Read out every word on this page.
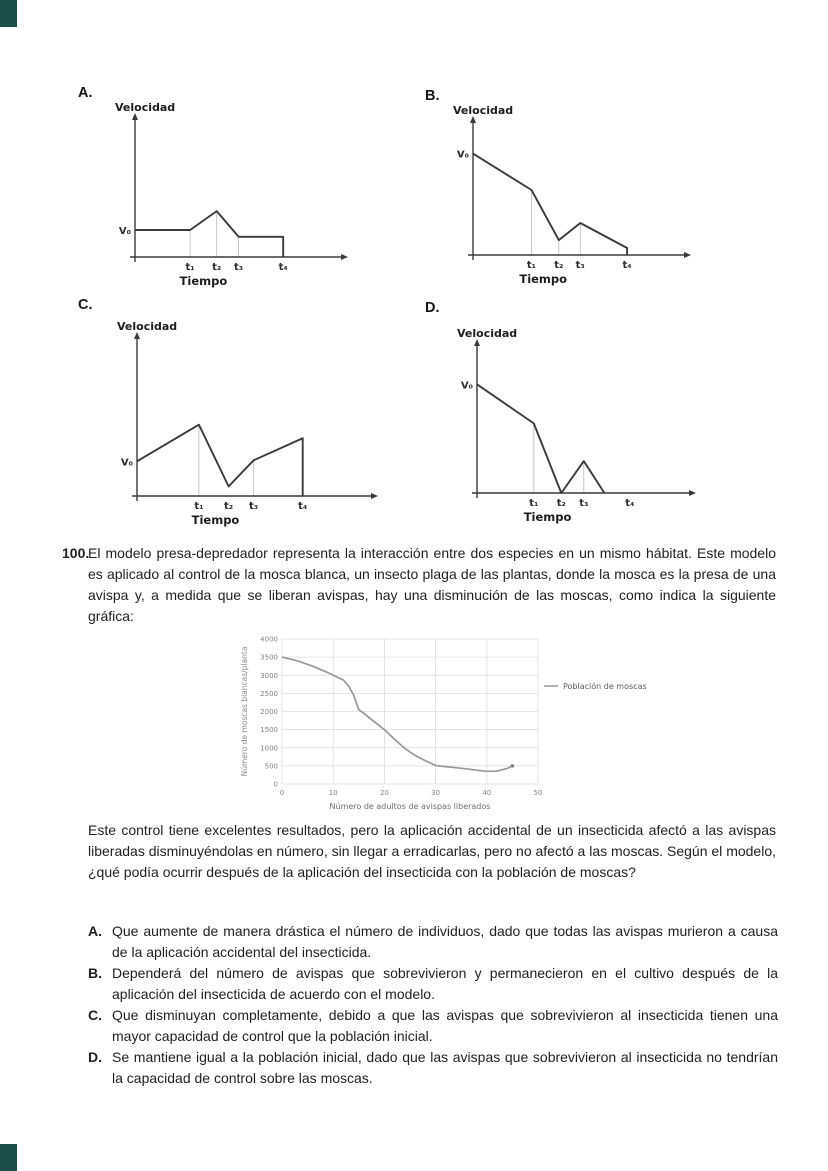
A.	B.
C.	D.
t₁ t₂ t₃	t₄
V₀
Velocidad
Tiempo
t₁ t₂ t₃	t₄
V₀
Velocidad
Tiempo
t₁ t₂ t₃	t₄
V₀
Velocidad
Tiempo
t₁ t₂ t₃	t₄
V₀
Velocidad
Tiempo
100.
El modelo presa-depredador representa la interacción entre dos especies en un mismo hábitat. Este modelo es aplicado al control de la mosca blanca, un insecto plaga de las plantas, donde la mosca es la presa de una avispa y, a medida que se liberan avispas, hay una disminución de las moscas, como indica la siguiente gráfica:
0
500
1000
1500
2000
2500
3000
3500
4000
0	10	20	30	40	50
Número de moscas blancas/planta
Número de adultos de avispas liberados
Población de moscas
Este control tiene excelentes resultados, pero la aplicación accidental de un insecticida afectó a las avispas liberadas disminuyéndolas en número, sin llegar a erradicarlas, pero no afectó a las moscas. Según el modelo, ¿qué podía ocurrir después de la aplicación del insecticida con la población de moscas?
A. Que aumente de manera drástica el número de individuos, dado que todas las avispas murieron a causa de la aplicación accidental del insecticida.
B. Dependerá del número de avispas que sobrevivieron y permanecieron en el cultivo después de la aplicación del insecticida de acuerdo con el modelo.
C. Que disminuyan completamente, debido a que las avispas que sobrevivieron al insecticida tienen una mayor capacidad de control que la población inicial.
D. Se mantiene igual a la población inicial, dado que las avispas que sobrevivieron al insecticida no tendrían la capacidad de control sobre las moscas.
